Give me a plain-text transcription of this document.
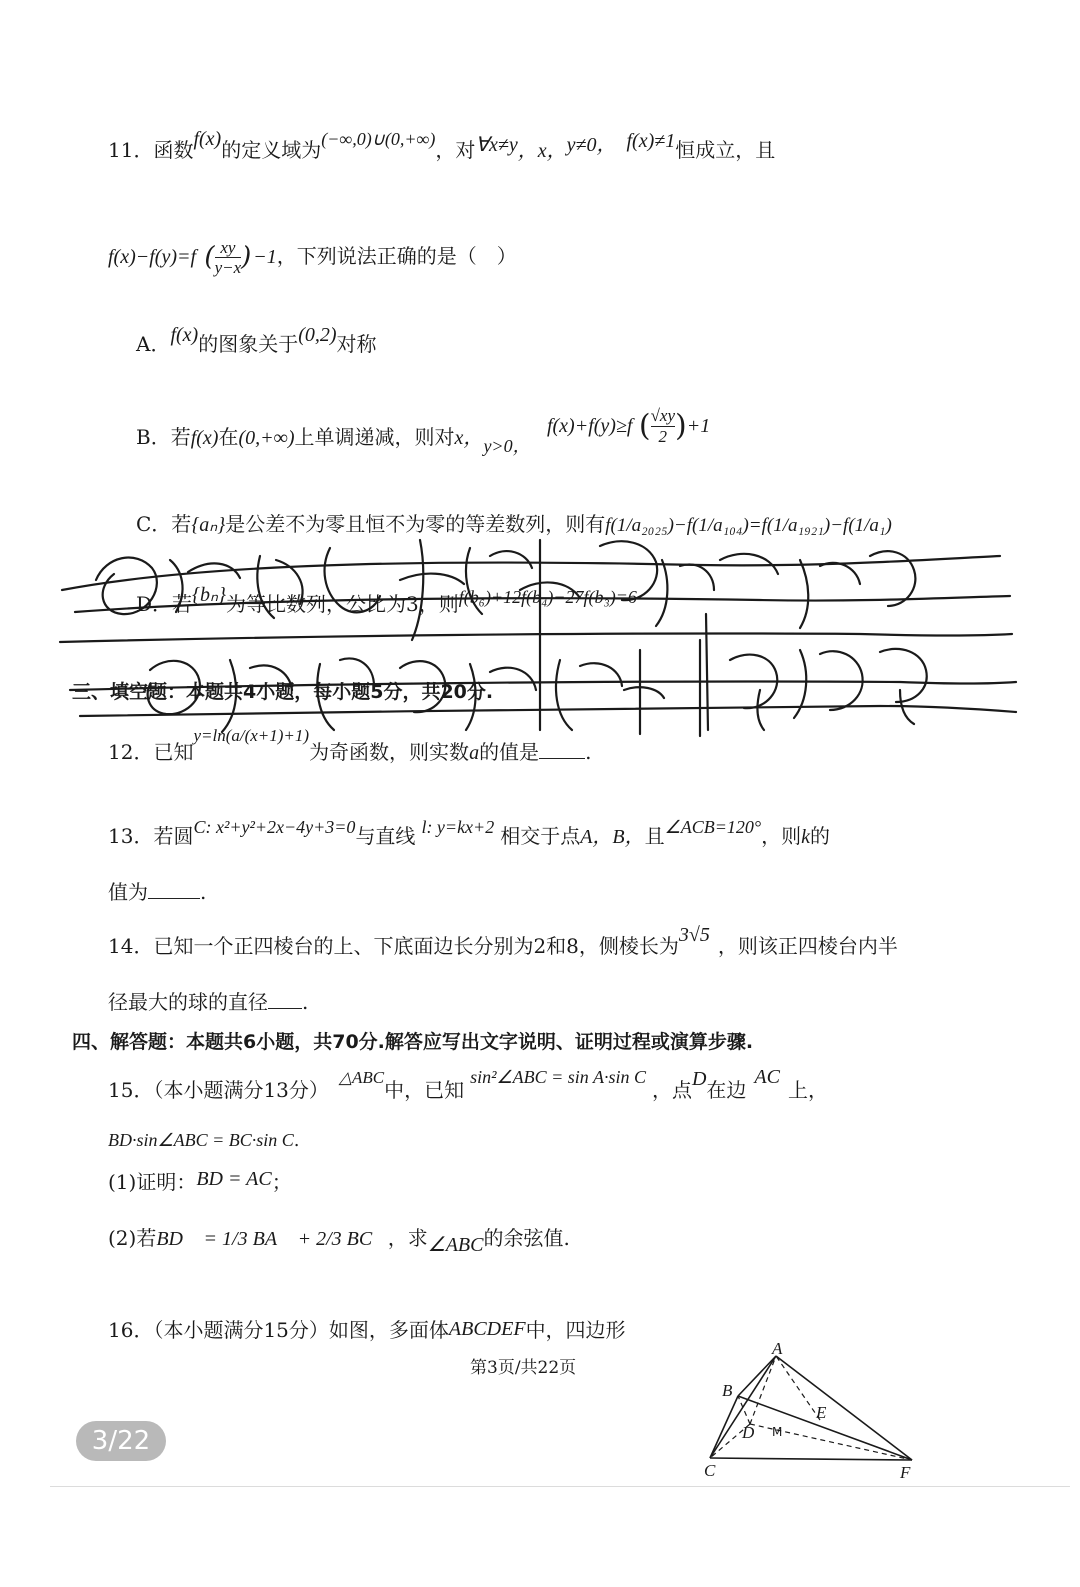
11．函数f(x)的定义域为(−∞,0)∪(0,+∞)，对∀x≠y，x，y≠0， f(x)≠1恒成立，且
f(x)−f(y)=f ( $\frac{xy}{y-x}$ ) −1，下列说法正确的是（　）
A．f(x)的图象关于(0,2)对称
B．若f(x)在(0,+∞)上单调递减，则对x，y>0， f(x)+f(y)≥f ( $\frac{√xy}{2} )+1$
C．若{aₙ}是公差不为零且恒不为零的等差数列，则有f(1/a₂₀₂₅)−f(1/a₁₀₄)=f(1/a₁₉₂₁)−f(1/a₁)
D．若{bₙ}为等比数列，公比为3，则f(b₆)+12f(b₄)−27f(b₃)=6
三、填空题：本题共4小题，每小题5分，共20分.
12．已知$^{y=ln(a/(x+1)+1)}$为奇函数，则实数a的值是 .
13．若圆C: x²+y²+2x−4y+3=0与直线 l: y=kx+2 相交于点A，B，且∠ACB=120°，则k的
值为	.
14．已知一个正四棱台的上、下底面边长分别为2和8，侧棱长为3√5 ，则该正四棱台内半
径最大的球的直径 .
四、解答题：本题共6小题，共70分.解答应写出文字说明、证明过程或演算步骤.
15．（本小题满分13分）$^{\triangle ABC}$中，已知sin²∠ABC = sin A·sin C，点D在边AC上，
BD·sin∠ABC = BC·sin C.
(1)证明：BD = AC；
(2)若BD⃗ = 1/3 BA⃗ + 2/3 BC⃗，求∠ABC的余弦值.
16．（本小题满分15分）如图，多面体ABCDEF中，四边形
第3页/共22页
3/22
A
B
C
D
E
F
M
